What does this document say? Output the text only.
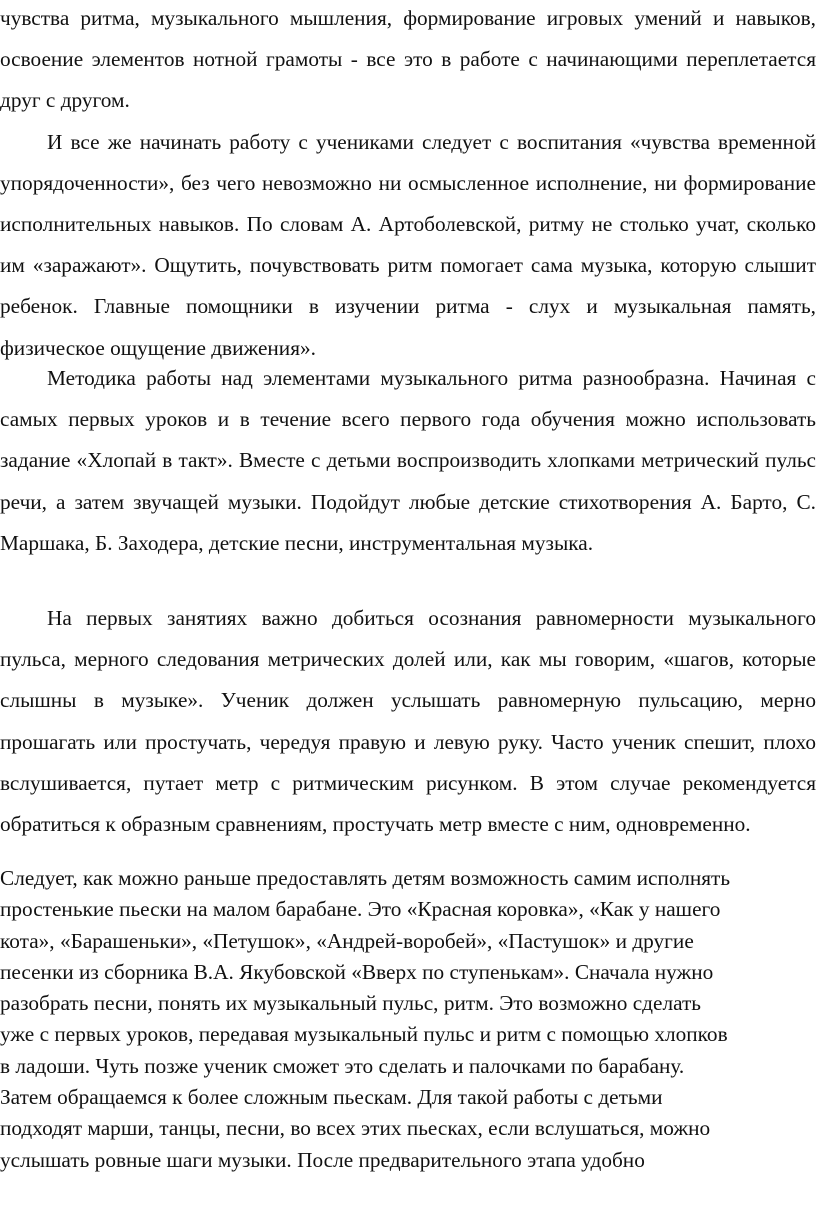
чувства ритма, музыкального мышления, формирование игровых умений и навыков, освоение элементов нотной грамоты - все это в работе с начинающими переплетается друг с другом.

И все же начинать работу с учениками следует с воспитания «чувства временной упорядоченности», без чего невозможно ни осмысленное исполнение, ни формирование исполнительных навыков. По словам А. Артоболевской, ритму не столько учат, сколько им «заражают». Ощутить, почувствовать ритм помогает сама музыка, которую слышит ребенок. Главные помощники в изучении ритма - слух и музыкальная память, физическое ощущение движения».

Методика работы над элементами музыкального ритма разнообразна. Начиная с самых первых уроков и в течение всего первого года обучения можно использовать задание «Хлопай в такт». Вместе с детьми воспроизводить хлопками метрический пульс речи, а затем звучащей музыки. Подойдут любые детские стихотворения А. Барто, С. Маршака, Б. Заходера, детские песни, инструментальная музыка.

На первых занятиях важно добиться осознания равномерности музыкального пульса, мерного следования метрических долей или, как мы говорим, «шагов, которые слышны в музыке». Ученик должен услышать равномерную пульсацию, мерно прошагать или простучать, чередуя правую и левую руку. Часто ученик спешит, плохо вслушивается, путает метр с ритмическим рисунком. В этом случае рекомендуется обратиться к образным сравнениям, простучать метр вместе с ним, одновременно.

Следует, как можно раньше предоставлять детям возможность самим исполнять

простенькие пьески на малом барабане. Это «Красная коровка», «Как у нашего

кота», «Барашеньки», «Петушок», «Андрей-воробей», «Пастушок» и другие

песенки из сборника В.А. Якубовской «Вверх по ступенькам». Сначала нужно

разобрать песни, понять их музыкальный пульс, ритм. Это возможно сделать

уже с первых уроков, передавая музыкальный пульс и ритм с помощью хлопков

в ладоши. Чуть позже ученик сможет это сделать и палочками по барабану.

Затем обращаемся к более сложным пьескам. Для такой работы с детьми

подходят марши, танцы, песни, во всех этих пьесках, если вслушаться, можно

услышать ровные шаги музыки. После предварительного этапа удобно
